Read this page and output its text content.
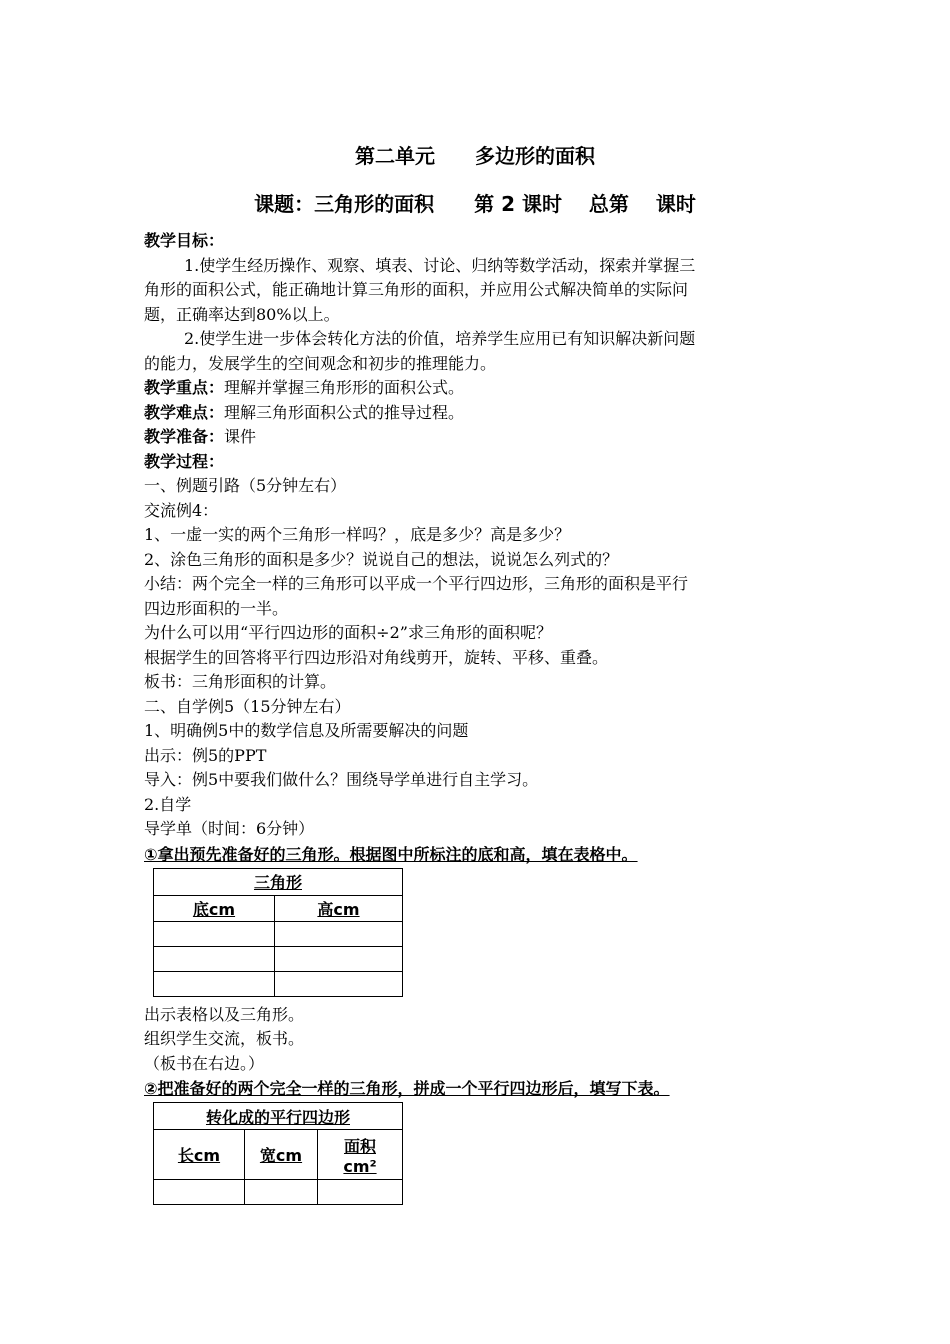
第二单元　　多边形的面积
课题：三角形的面积　　第 2 课时　 总第　 课时
教学目标：
1.使学生经历操作、观察、填表、讨论、归纳等数学活动，探索并掌握三
角形的面积公式，能正确地计算三角形的面积，并应用公式解决简单的实际问
题，正确率达到80%以上。
2.使学生进一步体会转化方法的价值，培养学生应用已有知识解决新问题
的能力，发展学生的空间观念和初步的推理能力。
教学重点：理解并掌握三角形形的面积公式。
教学难点：理解三角形面积公式的推导过程。
教学准备：课件
教学过程：
一、例题引路（5分钟左右）
交流例4：
1、一虚一实的两个三角形一样吗？，底是多少？高是多少？
2、涂色三角形的面积是多少？说说自己的想法，说说怎么列式的？
小结：两个完全一样的三角形可以平成一个平行四边形，三角形的面积是平行
四边形面积的一半。
为什么可以用“平行四边形的面积÷2”求三角形的面积呢？
根据学生的回答将平行四边形沿对角线剪开，旋转、平移、重叠。
板书：三角形面积的计算。
二、自学例5（15分钟左右）
1、明确例5中的数学信息及所需要解决的问题
出示：例5的PPT
导入：例5中要我们做什么？围绕导学单进行自主学习。
2.自学
导学单（时间：6分钟）
①拿出预先准备好的三角形。根据图中所标注的底和高，填在表格中。
三角形	
底cm	高cm

出示表格以及三角形。
组织学生交流，板书。
（板书在右边。）
②把准备好的两个完全一样的三角形，拼成一个平行四边形后，填写下表。
转化成的平行四边形		
长cm	宽cm	面积
cm²
